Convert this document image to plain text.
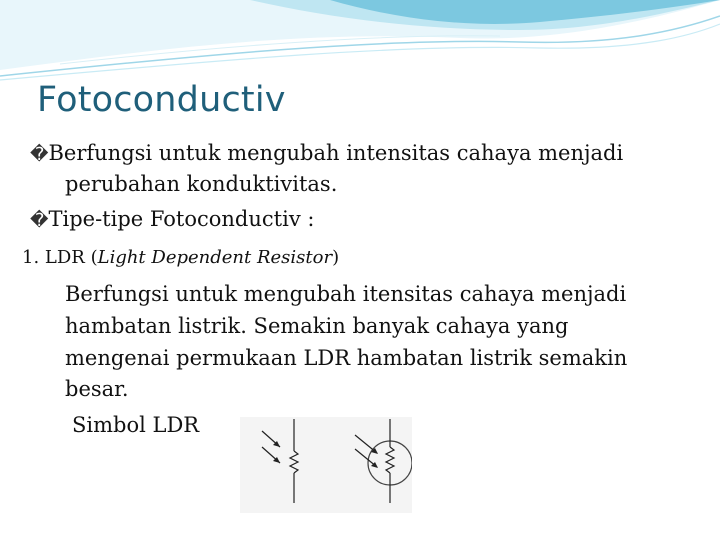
Fotoconductiv
�Berfungsi untuk mengubah intensitas cahaya menjadi
perubahan konduktivitas.
�Tipe-tipe Fotoconductiv :
1. LDR (Light Dependent Resistor)
Berfungsi untuk mengubah itensitas cahaya menjadi
hambatan listrik. Semakin banyak cahaya yang
mengenai permukaan LDR hambatan listrik semakin
besar.
Simbol LDR
